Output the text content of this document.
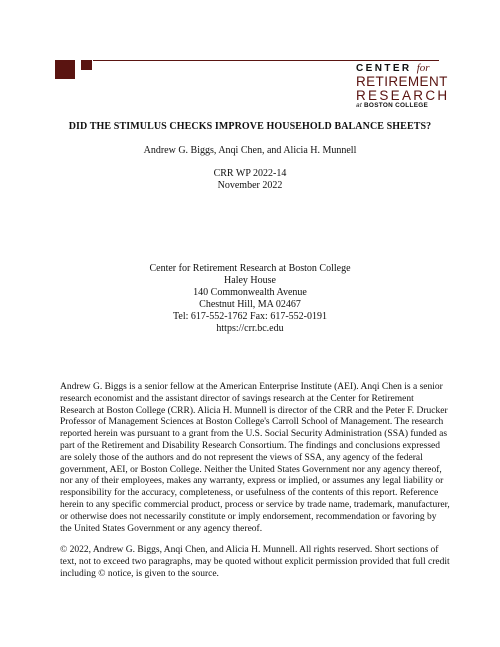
CENTER for
RETIREMENT
RESEARCH
at BOSTON COLLEGE
DID THE STIMULUS CHECKS IMPROVE HOUSEHOLD BALANCE SHEETS?
Andrew G. Biggs, Anqi Chen, and Alicia H. Munnell
CRR WP 2022-14
November 2022
Center for Retirement Research at Boston College
Haley House
140 Commonwealth Avenue
Chestnut Hill, MA 02467
Tel: 617-552-1762 Fax: 617-552-0191
https://crr.bc.edu

Andrew G. Biggs is a senior fellow at the American Enterprise Institute (AEI). Anqi Chen is a senior research economist and the assistant director of savings research at the Center for Retirement Research at Boston College (CRR). Alicia H. Munnell is director of the CRR and the Peter F. Drucker Professor of Management Sciences at Boston College's Carroll School of Management. The research reported herein was pursuant to a grant from the U.S. Social Security Administration (SSA) funded as part of the Retirement and Disability Research Consortium. The findings and conclusions expressed are solely those of the authors and do not represent the views of SSA, any agency of the federal government, AEI, or Boston College. Neither the United States Government nor any agency thereof, nor any of their employees, makes any warranty, express or implied, or assumes any legal liability or responsibility for the accuracy, completeness, or usefulness of the contents of this report. Reference herein to any specific commercial product, process or service by trade name, trademark, manufacturer, or otherwise does not necessarily constitute or imply endorsement, recommendation or favoring by the United States Government or any agency thereof.

© 2022, Andrew G. Biggs, Anqi Chen, and Alicia H. Munnell. All rights reserved. Short sections of text, not to exceed two paragraphs, may be quoted without explicit permission provided that full credit including © notice, is given to the source.
